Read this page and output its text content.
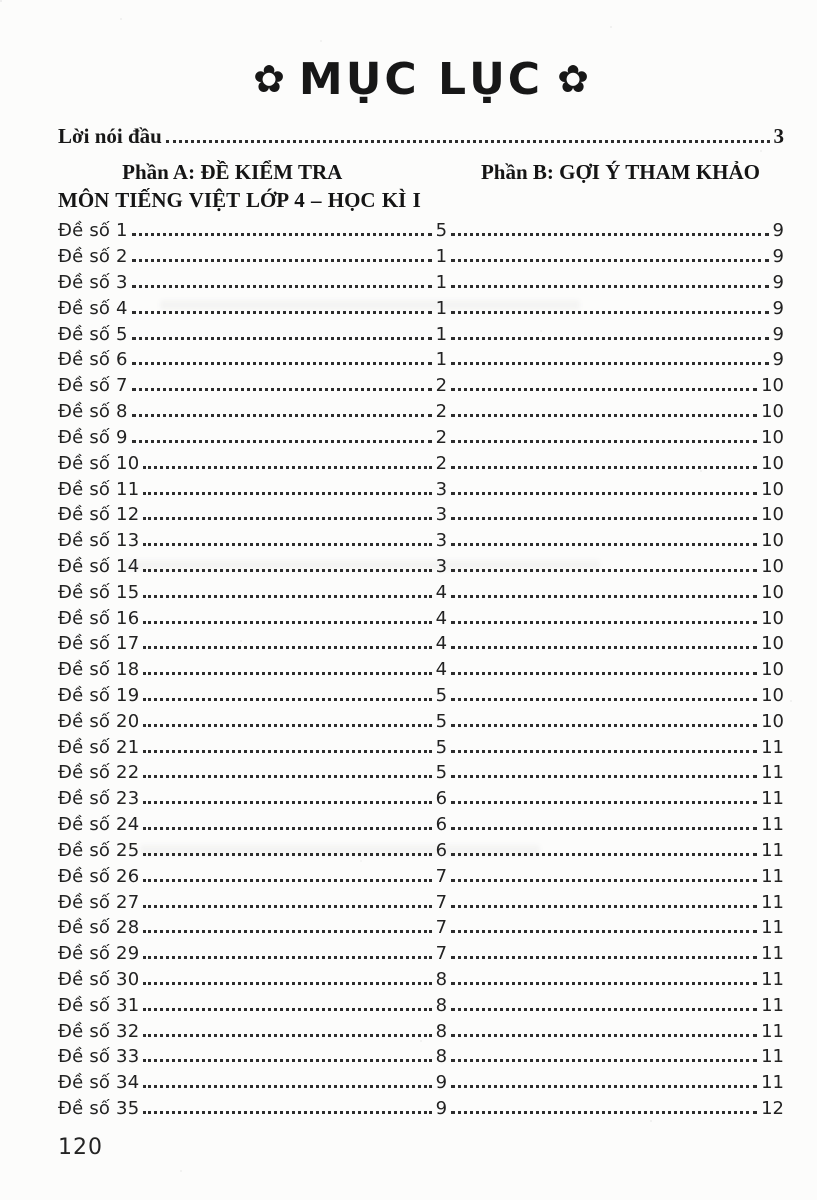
✿ MỤC LỤC ✿
Lời nói đầu	3
Phần A: ĐỀ KIỂM TRA
MÔN TIẾNG VIỆT LỚP 4 – HỌC KÌ I
Phần B: GỢI Ý THAM KHẢO
Đề số 1	5	9
Đề số 2	1	9
Đề số 3	1	9
Đề số 4	1	9
Đề số 5	1	9
Đề số 6	1	9
Đề số 7	2	10
Đề số 8	2	10
Đề số 9	2	10
Đề số 10	2	10
Đề số 11	3	10
Đề số 12	3	10
Đề số 13	3	10
Đề số 14	3	10
Đề số 15	4	10
Đề số 16	4	10
Đề số 17	4	10
Đề số 18	4	10
Đề số 19	5	10
Đề số 20	5	10
Đề số 21	5	11
Đề số 22	5	11
Đề số 23	6	11
Đề số 24	6	11
Đề số 25	6	11
Đề số 26	7	11
Đề số 27	7	11
Đề số 28	7	11
Đề số 29	7	11
Đề số 30	8	11
Đề số 31	8	11
Đề số 32	8	11
Đề số 33	8	11
Đề số 34	9	11
Đề số 35	9	12
120
